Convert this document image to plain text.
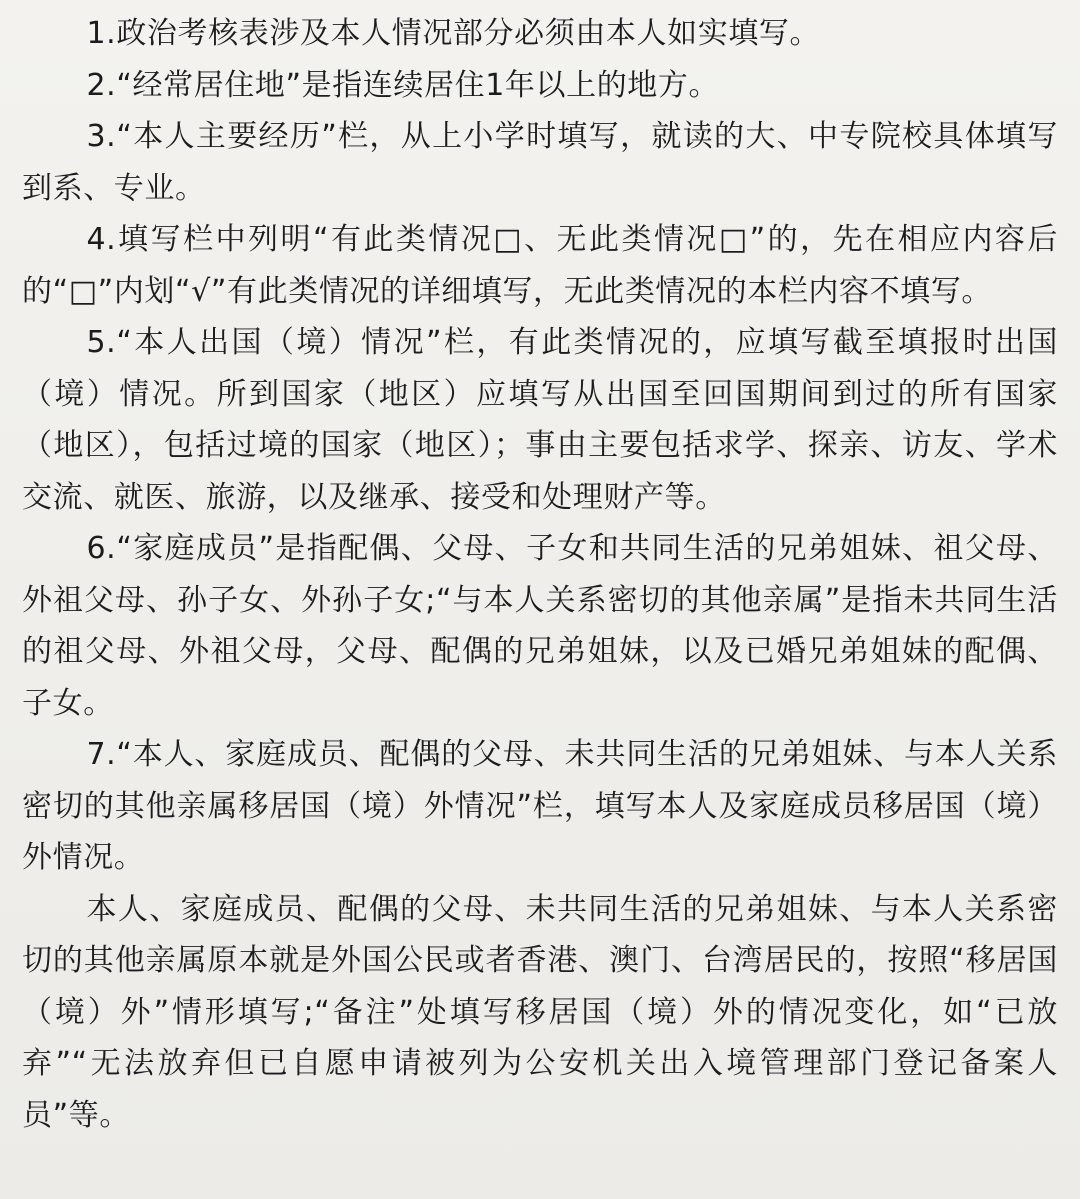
1.政治考核表涉及本人情况部分必须由本人如实填写。

2.“经常居住地”是指连续居住1年以上的地方。

3.“本人主要经历”栏，从上小学时填写，就读的大、中专院校具体填写到系、专业。

4.填写栏中列明“有此类情况□、无此类情况□”的，先在相应内容后的“□”内划“√”有此类情况的详细填写，无此类情况的本栏内容不填写。

5.“本人出国（境）情况”栏，有此类情况的，应填写截至填报时出国（境）情况。所到国家（地区）应填写从出国至回国期间到过的所有国家（地区），包括过境的国家（地区）；事由主要包括求学、探亲、访友、学术交流、就医、旅游，以及继承、接受和处理财产等。

6.“家庭成员”是指配偶、父母、子女和共同生活的兄弟姐妹、祖父母、外祖父母、孙子女、外孙子女;“与本人关系密切的其他亲属”是指未共同生活的祖父母、外祖父母，父母、配偶的兄弟姐妹，以及已婚兄弟姐妹的配偶、子女。

7.“本人、家庭成员、配偶的父母、未共同生活的兄弟姐妹、与本人关系密切的其他亲属移居国（境）外情况”栏，填写本人及家庭成员移居国（境）外情况。

本人、家庭成员、配偶的父母、未共同生活的兄弟姐妹、与本人关系密切的其他亲属原本就是外国公民或者香港、澳门、台湾居民的，按照“移居国（境）外”情形填写;“备注”处填写移居国（境）外的情况变化，如“已放弃”“无法放弃但已自愿申请被列为公安机关出入境管理部门登记备案人员”等。
